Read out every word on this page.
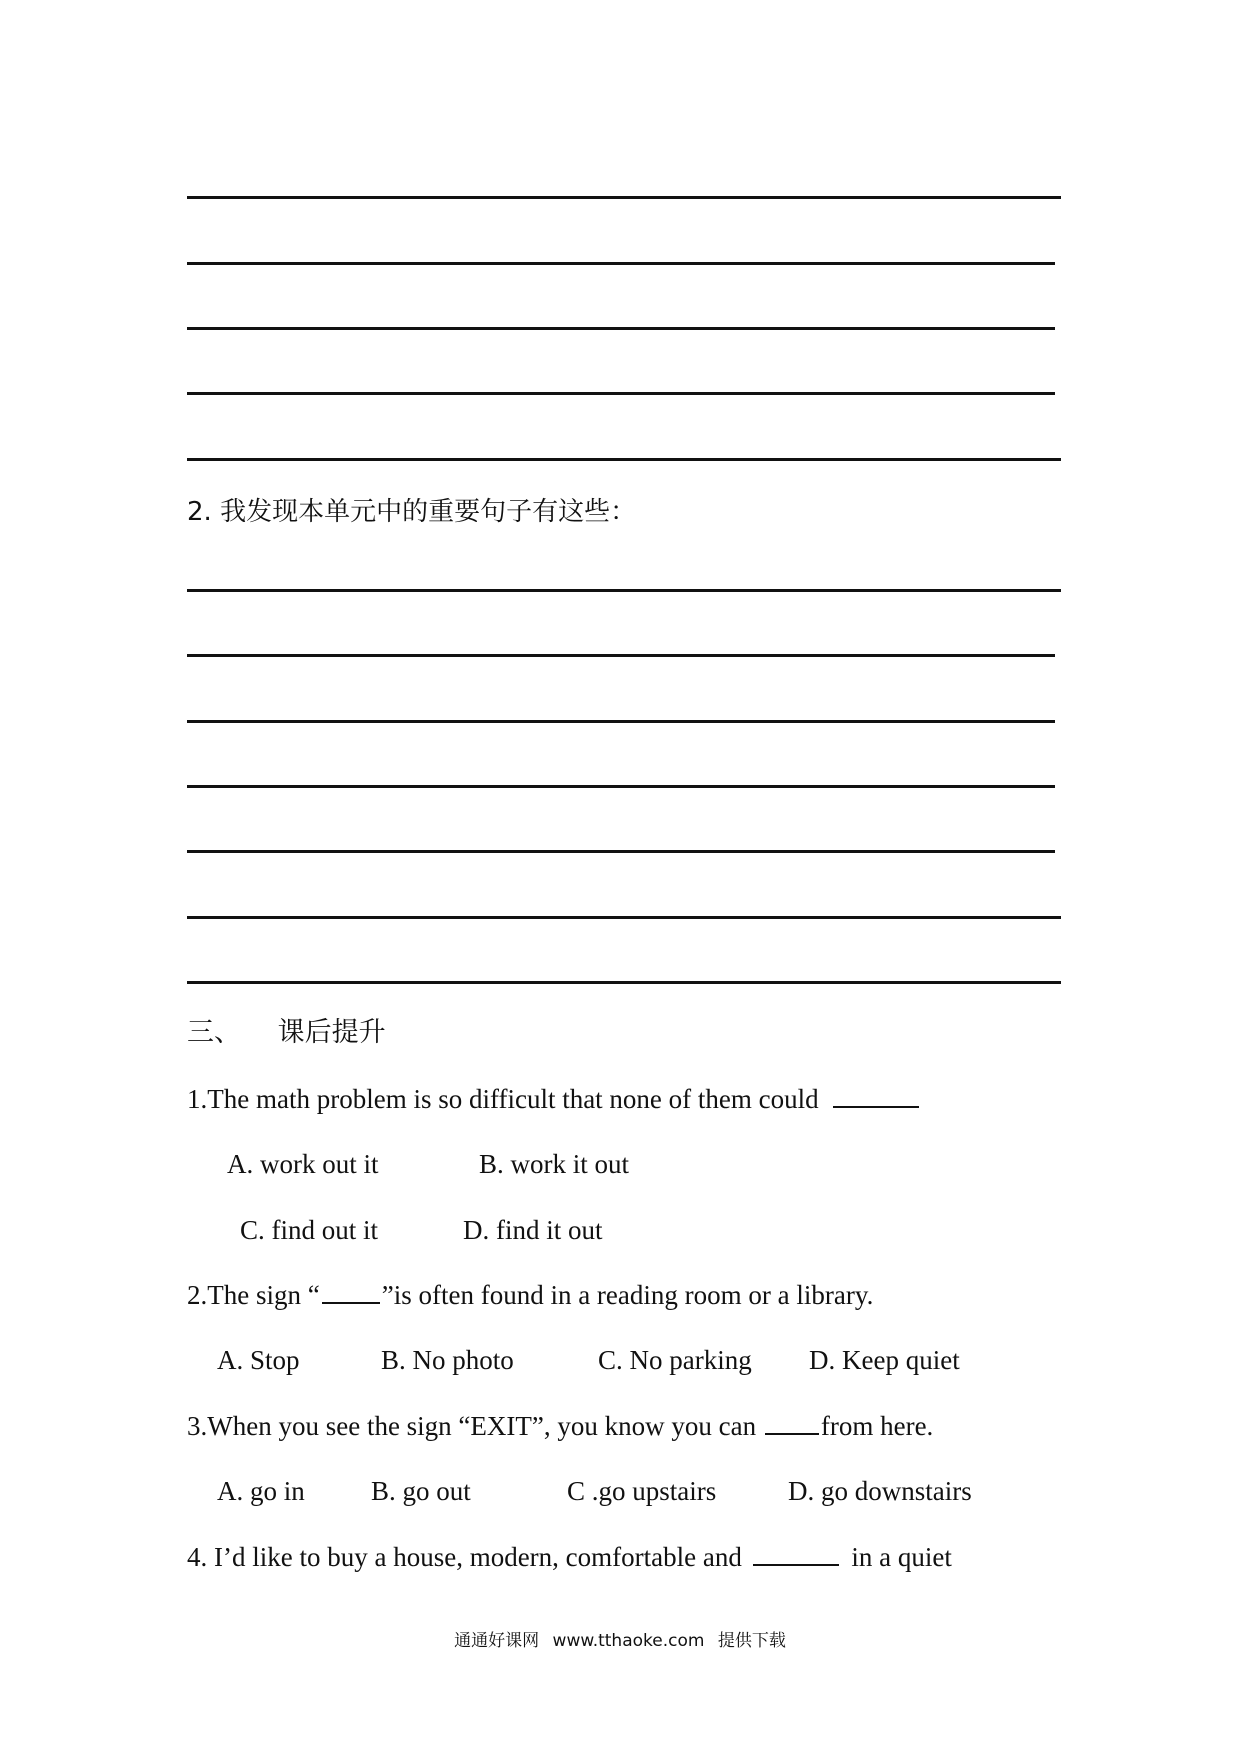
2. 我发现本单元中的重要句子有这些：
三、 课后提升
1.The math problem is so difficult that none of them could
A. work out it	B. work it out
C. find out it	D. find it out
2.The sign “ ”is often found in a reading room or a library.
A. Stop	B. No photo	C. No parking D. Keep quiet
3.When you see the sign “EXIT”, you know you can from here.
A. go in B. go out	C .go upstairs	D. go downstairs
4. I’d like to buy a house, modern, comfortable and	in a quiet
通通好课网 www.tthaoke.com 提供下载
